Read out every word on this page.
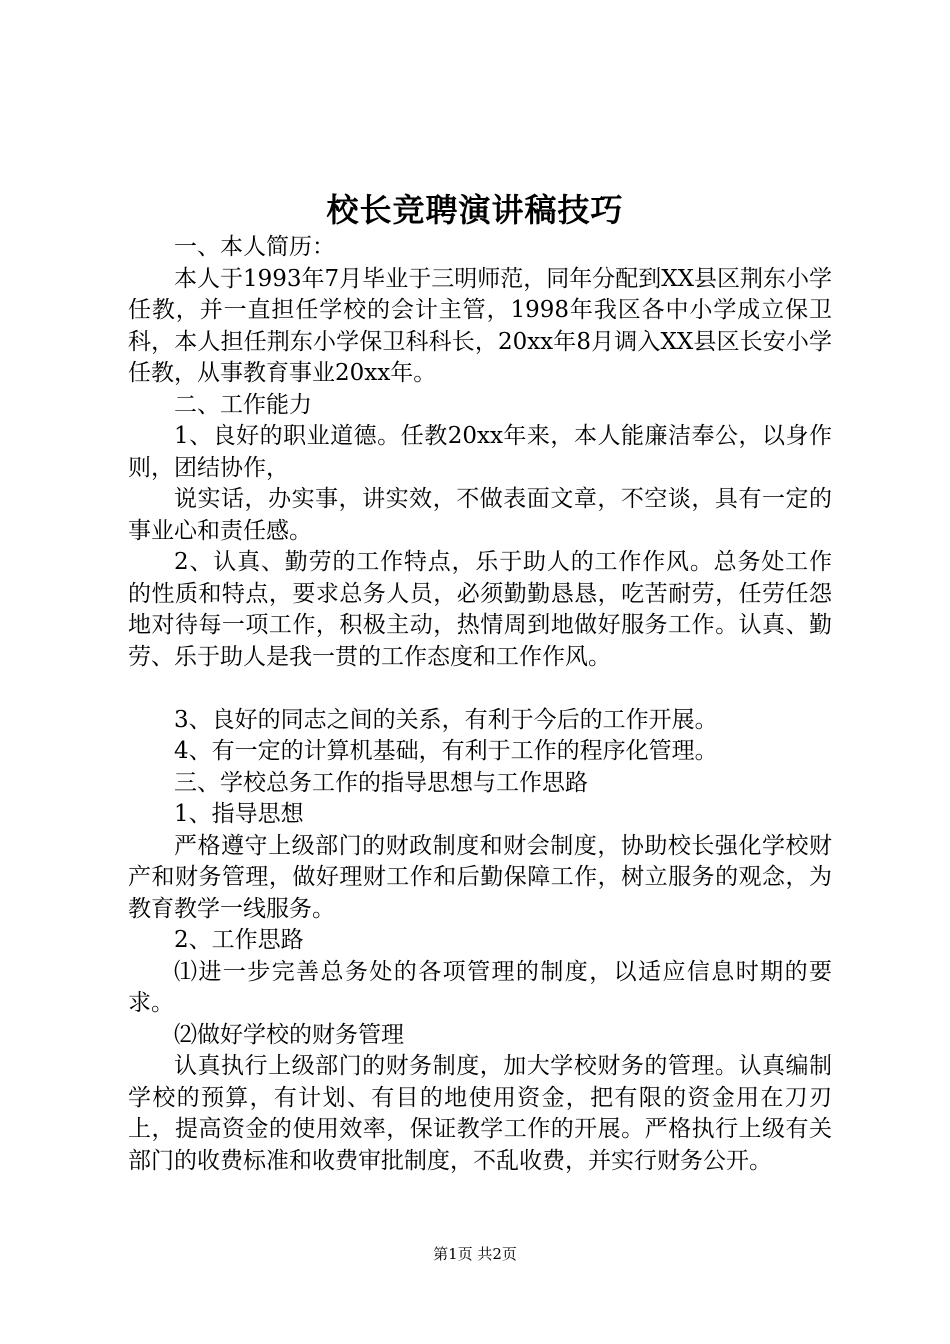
校长竞聘演讲稿技巧

一、本人简历：

本人于1993年7月毕业于三明师范，同年分配到XX县区荆东小学任教，并一直担任学校的会计主管，1998年我区各中小学成立保卫科，本人担任荆东小学保卫科科长，20xx年8月调入XX县区长安小学任教，从事教育事业20xx年。

二、工作能力

1、良好的职业道德。任教20xx年来，本人能廉洁奉公，以身作则，团结协作，

说实话，办实事，讲实效，不做表面文章，不空谈，具有一定的事业心和责任感。

2、认真、勤劳的工作特点，乐于助人的工作作风。总务处工作的性质和特点，要求总务人员，必须勤勤恳恳，吃苦耐劳，任劳任怨地对待每一项工作，积极主动，热情周到地做好服务工作。认真、勤劳、乐于助人是我一贯的工作态度和工作作风。

3、良好的同志之间的关系，有利于今后的工作开展。

4、有一定的计算机基础，有利于工作的程序化管理。

三、学校总务工作的指导思想与工作思路

1、指导思想

严格遵守上级部门的财政制度和财会制度，协助校长强化学校财产和财务管理，做好理财工作和后勤保障工作，树立服务的观念，为教育教学一线服务。

2、工作思路

⑴进一步完善总务处的各项管理的制度，以适应信息时期的要求。

⑵做好学校的财务管理

认真执行上级部门的财务制度，加大学校财务的管理。认真编制学校的预算，有计划、有目的地使用资金，把有限的资金用在刀刃上，提高资金的使用效率，保证教学工作的开展。严格执行上级有关部门的收费标准和收费审批制度，不乱收费，并实行财务公开。

第1页 共2页
